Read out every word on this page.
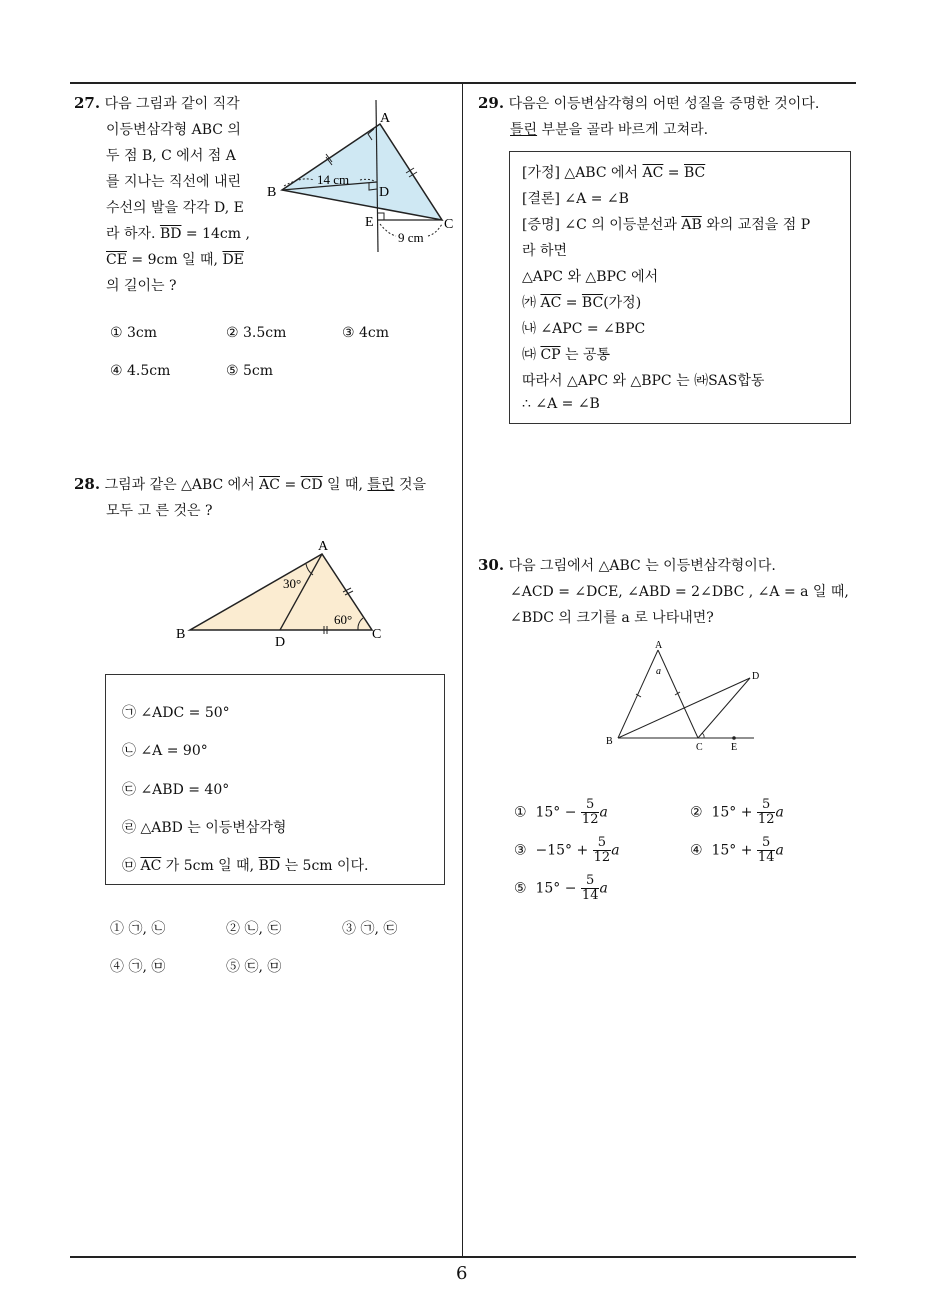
6
27. 다음 그림과 같이 직각
이등변삼각형 ABC 의
두 점 B, C 에서 점 A
를 지나는 직선에 내린
수선의 발을 각각 D, E
라 하자. $\overline{BD} = 14cm$ ,
$\overline{CE} = 9cm$ 일 때, $\overline{DE}$
의 길이는 ?
A
B
C
D
E
14 cm
9 cm
① 3cm	② 3.5cm	③ 4cm
④ 4.5cm	⑤ 5cm
28. 그림과 같은 △ABC 에서 $\overline{AC} = \overline{CD}$ 일 때, 틀린 것을
모두 고 른 것은 ?
A
B	C
D
30°
60°
㉠ ∠ADC = 50°
㉡ ∠A = 90°
㉢ ∠ABD = 40°
㉣ △ABD 는 이등변삼각형
㉤ $\overline{AC}$ 가 5cm 일 때, $\overline{BD}$ 는 5cm 이다.
① ㉠, ㉡	② ㉡, ㉢	③ ㉠, ㉢
④ ㉠, ㉤	⑤ ㉢, ㉤
29. 다음은 이등변삼각형의 어떤 성질을 증명한 것이다.
틀린 부분을 골라 바르게 고쳐라.
[가정] △ABC 에서 $\overline{AC} = \overline{BC}$
[결론] ∠A = ∠B
[증명] ∠C 의 이등분선과 $\overline{AB}$ 와의 교점을 점 P
라 하면
△APC 와 △BPC 에서
㈎ $\overline{AC} = \overline{BC}$(가정)
㈏ ∠APC = ∠BPC
㈐ $\overline{CP}$ 는 공통
따라서 △APC 와 △BPC 는 ㈑SAS합동
∴ ∠A = ∠B
30. 다음 그림에서 △ABC 는 이등변삼각형이다.
∠ACD = ∠DCE, ∠ABD = 2∠DBC , ∠A = a 일 때,
∠BDC 의 크기를 a 로 나타내면?
A
a
B
C	E
D
① $15^\circ - \frac{5}{12}$ a	② $15^\circ + \frac{5}{12}$ a
③ $-15^\circ + \frac{5}{12}$ a	④ $15^\circ + \frac{5}{14}$ a
⑤ $15^\circ - \frac{5}{14}$ a
